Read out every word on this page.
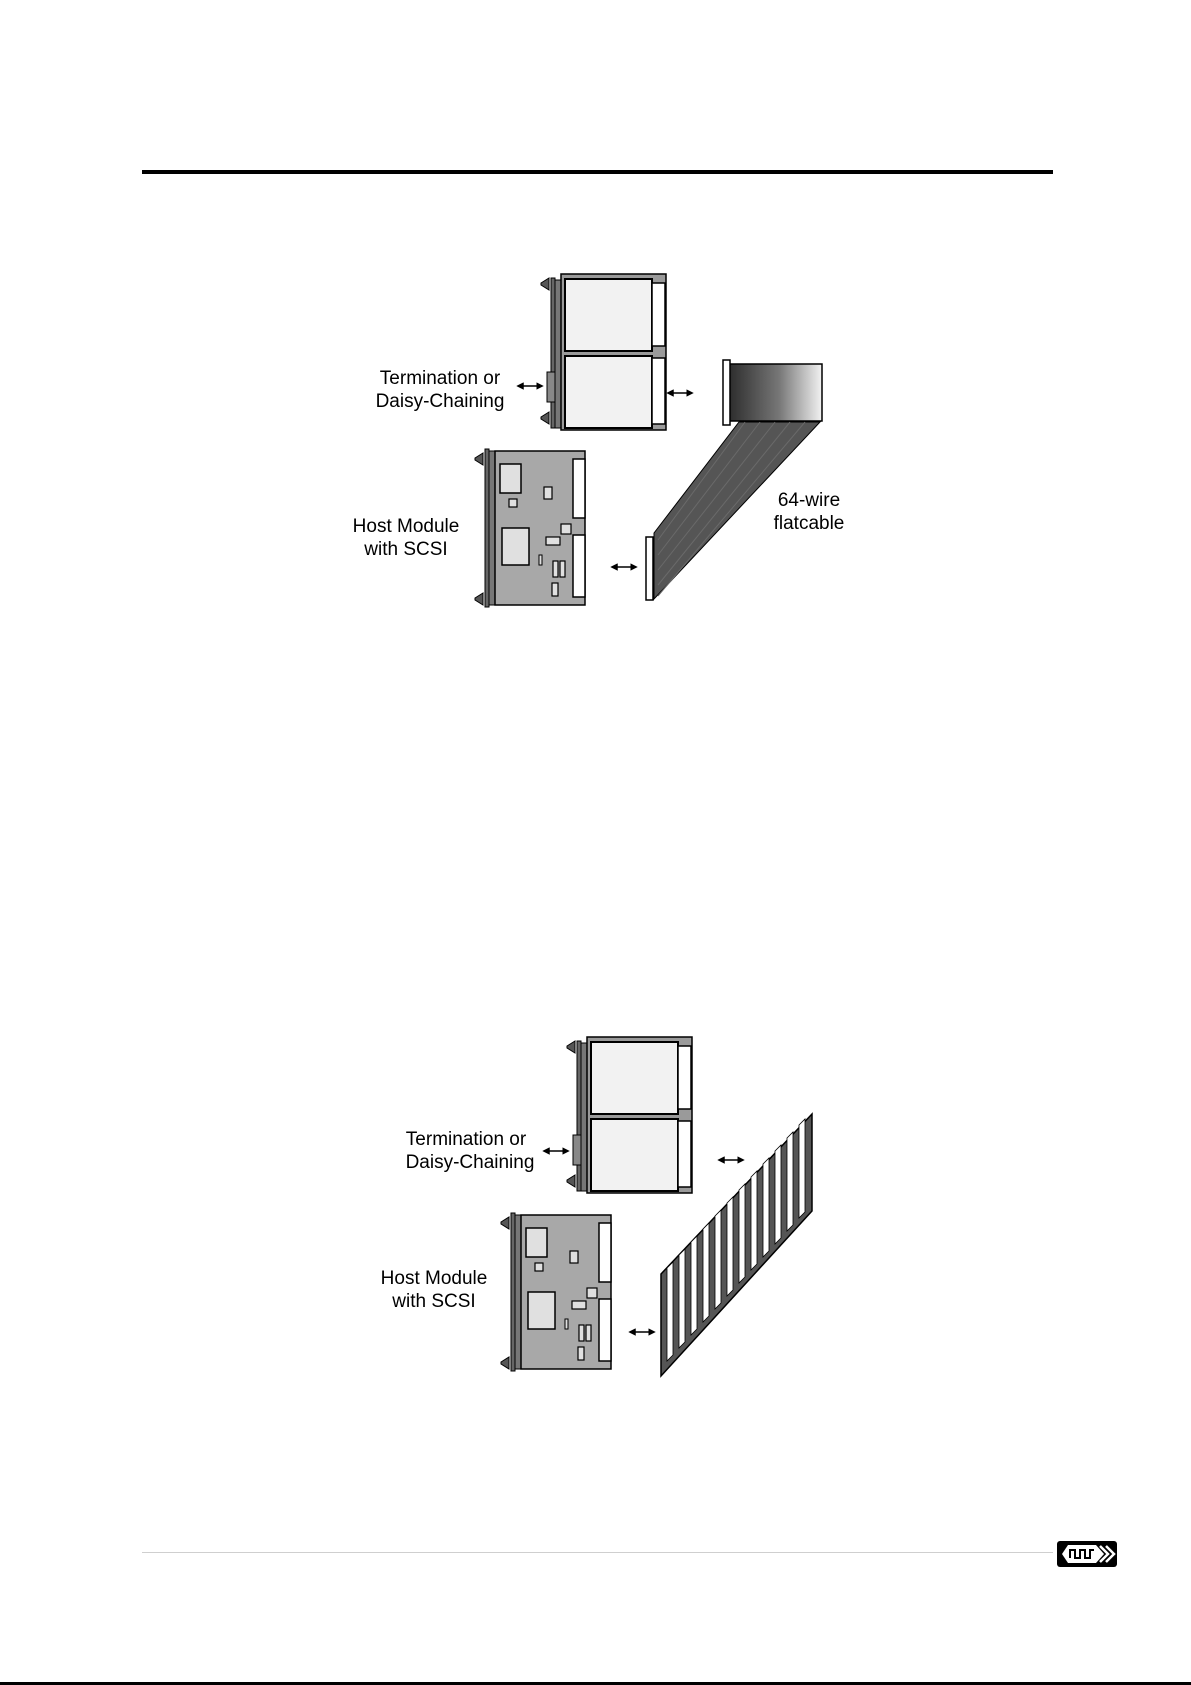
Termination or
Daisy-Chaining
Host Module
with SCSI
64-wire
flatcable
Termination or
Daisy-Chaining
Host Module
with SCSI
